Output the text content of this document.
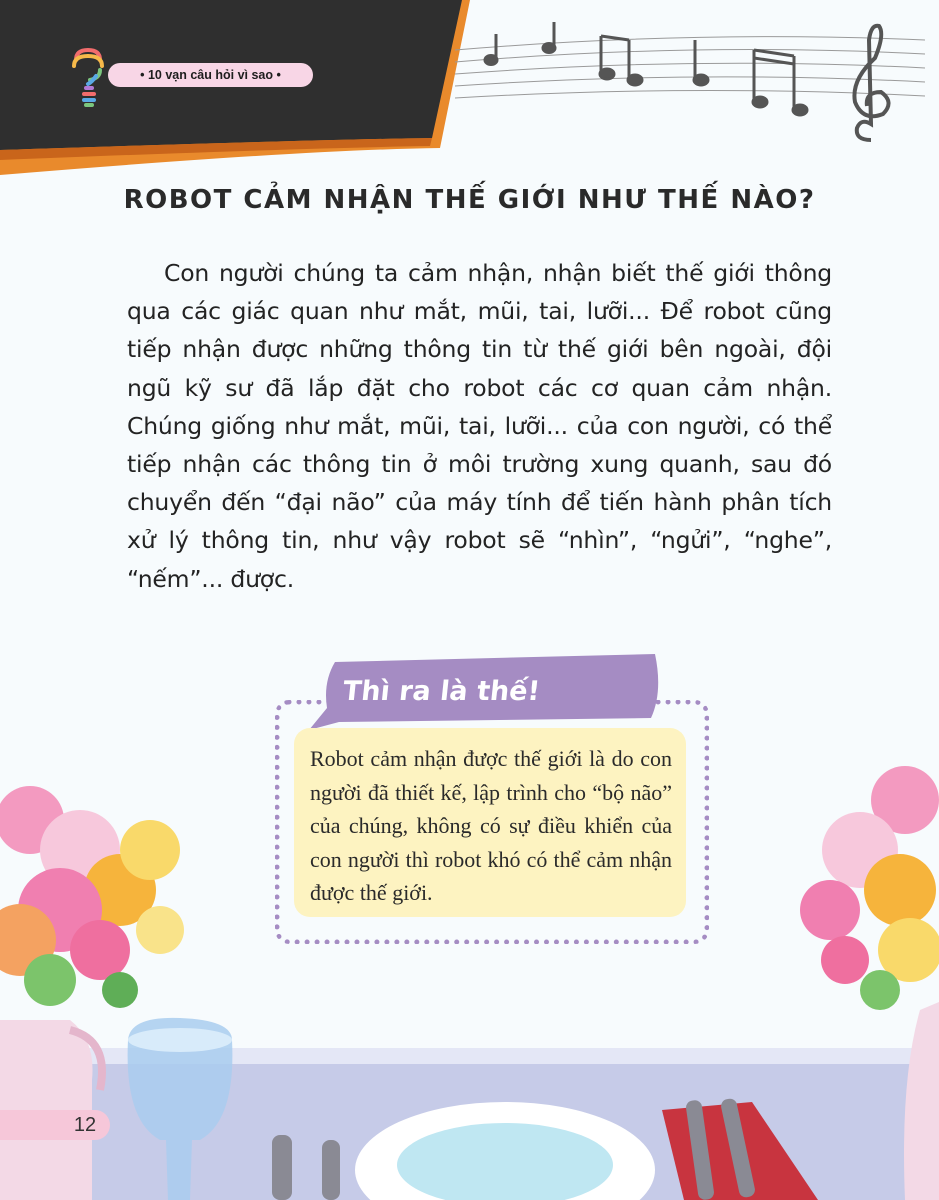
• 10 vạn câu hỏi vì sao •
ROBOT CẢM NHẬN THẾ GIỚI NHƯ THẾ NÀO?
Con người chúng ta cảm nhận, nhận biết thế giới thông qua các giác quan như mắt, mũi, tai, lưỡi... Để robot cũng tiếp nhận được những thông tin từ thế giới bên ngoài, đội ngũ kỹ sư đã lắp đặt cho robot các cơ quan cảm nhận. Chúng giống như mắt, mũi, tai, lưỡi... của con người, có thể tiếp nhận các thông tin ở môi trường xung quanh, sau đó chuyển đến “đại não” của máy tính để tiến hành phân tích xử lý thông tin, như vậy robot sẽ “nhìn”, “ngửi”, “nghe”, “nếm”... được.
12
Thì ra là thế!
Robot cảm nhận được thế giới là do con người đã thiết kế, lập trình cho “bộ não” của chúng, không có sự điều khiển của con người thì robot khó có thể cảm nhận được thế giới.
